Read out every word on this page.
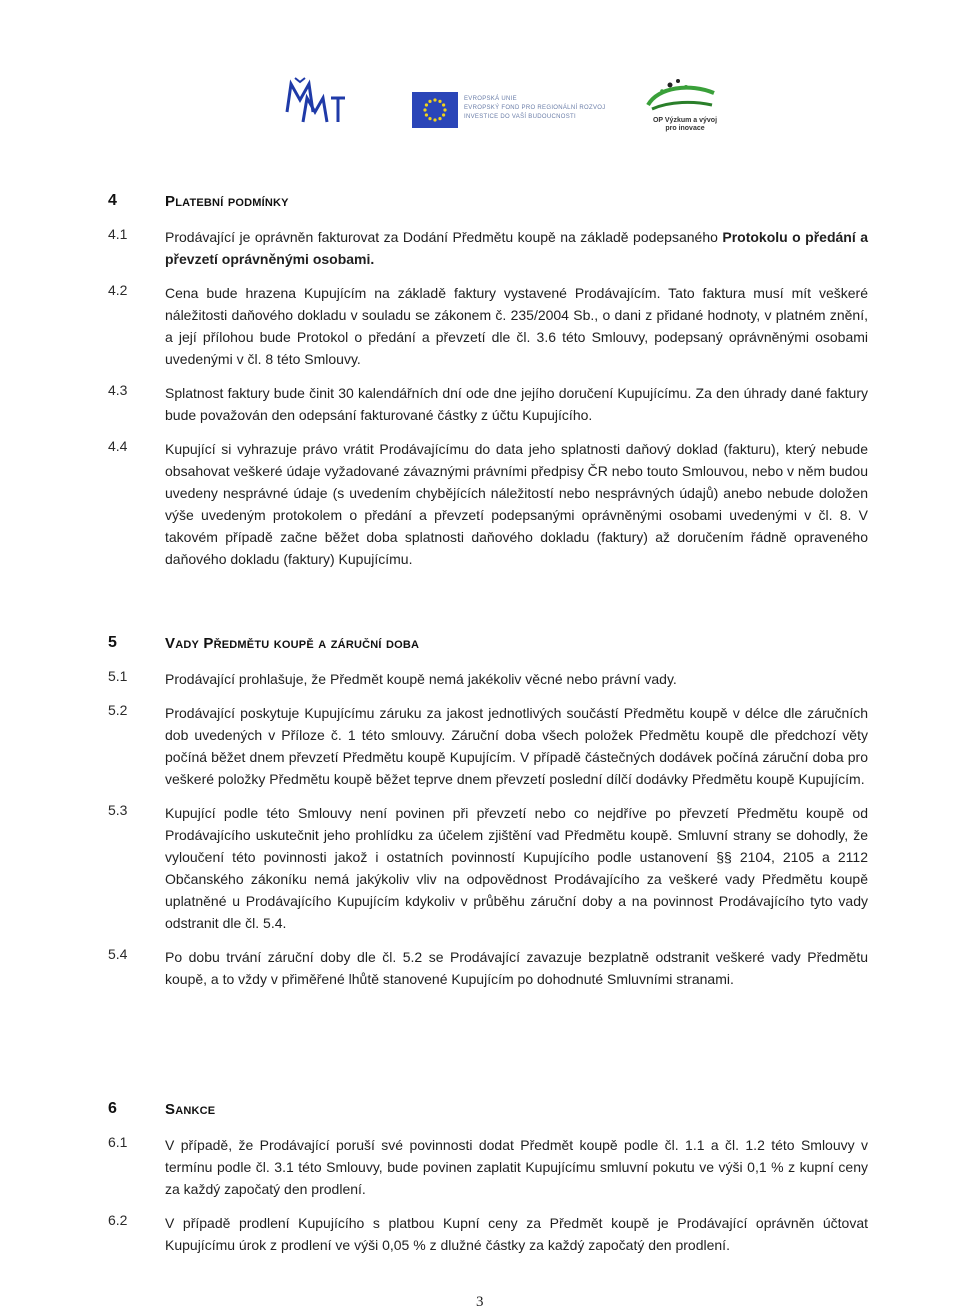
EVROPSKÁ UNIE
EVROPSKÝ FOND PRO REGIONÁLNÍ ROZVOJ
INVESTICE DO VAŠÍ BUDOUCNOSTI	OP Výzkum a vývoj
pro inovace
4	Platební podmínky
4.1	Prodávající je oprávněn fakturovat za Dodání Předmětu koupě na základě podepsaného Protokolu o předání a převzetí oprávněnými osobami.
4.2	Cena bude hrazena Kupujícím na základě faktury vystavené Prodávajícím. Tato faktura musí mít veškeré náležitosti daňového dokladu v souladu se zákonem č. 235/2004 Sb., o dani z přidané hodnoty, v platném znění, a její přílohou bude Protokol o předání a převzetí dle čl. 3.6 této Smlouvy, podepsaný oprávněnými osobami uvedenými v čl. 8 této Smlouvy.
4.3	Splatnost faktury bude činit 30 kalendářních dní ode dne jejího doručení Kupujícímu. Za den úhrady dané faktury bude považován den odepsání fakturované částky z účtu Kupujícího.
4.4	Kupující si vyhrazuje právo vrátit Prodávajícímu do data jeho splatnosti daňový doklad (fakturu), který nebude obsahovat veškeré údaje vyžadované závaznými právními předpisy ČR nebo touto Smlouvou, nebo v něm budou uvedeny nesprávné údaje (s uvedením chybějících náležitostí nebo nesprávných údajů) anebo nebude doložen výše uvedeným protokolem o předání a převzetí podepsanými oprávněnými osobami uvedenými v čl. 8. V takovém případě začne běžet doba splatnosti daňového dokladu (faktury) až doručením řádně opraveného daňového dokladu (faktury) Kupujícímu.
5	Vady Předmětu koupě a záruční doba
5.1	Prodávající prohlašuje, že Předmět koupě nemá jakékoliv věcné nebo právní vady.
5.2	Prodávající poskytuje Kupujícímu záruku za jakost jednotlivých součástí Předmětu koupě v délce dle záručních dob uvedených v Příloze č. 1 této smlouvy. Záruční doba všech položek Předmětu koupě dle předchozí věty počíná běžet dnem převzetí Předmětu koupě Kupujícím. V případě částečných dodávek počíná záruční doba pro veškeré položky Předmětu koupě běžet teprve dnem převzetí poslední dílčí dodávky Předmětu koupě Kupujícím.
5.3	Kupující podle této Smlouvy není povinen při převzetí nebo co nejdříve po převzetí Předmětu koupě od Prodávajícího uskutečnit jeho prohlídku za účelem zjištění vad Předmětu koupě. Smluvní strany se dohodly, že vyloučení této povinnosti jakož i ostatních povinností Kupujícího podle ustanovení §§ 2104, 2105 a 2112 Občanského zákoníku nemá jakýkoliv vliv na odpovědnost Prodávajícího za veškeré vady Předmětu koupě uplatněné u Prodávajícího Kupujícím kdykoliv v průběhu záruční doby a na povinnost Prodávajícího tyto vady odstranit dle čl. 5.4.
5.4	Po dobu trvání záruční doby dle čl. 5.2 se Prodávající zavazuje bezplatně odstranit veškeré vady Předmětu koupě, a to vždy v přiměřené lhůtě stanovené Kupujícím po dohodnuté Smluvními stranami.
6	Sankce
6.1	V případě, že Prodávající poruší své povinnosti dodat Předmět koupě podle čl. 1.1 a čl. 1.2 této Smlouvy v termínu podle čl. 3.1 této Smlouvy, bude povinen zaplatit Kupujícímu smluvní pokutu ve výši 0,1 % z kupní ceny za každý započatý den prodlení.
6.2	V případě prodlení Kupujícího s platbou Kupní ceny za Předmět koupě je Prodávající oprávněn účtovat Kupujícímu úrok z prodlení ve výši 0,05 % z dlužné částky za každý započatý den prodlení.
3
